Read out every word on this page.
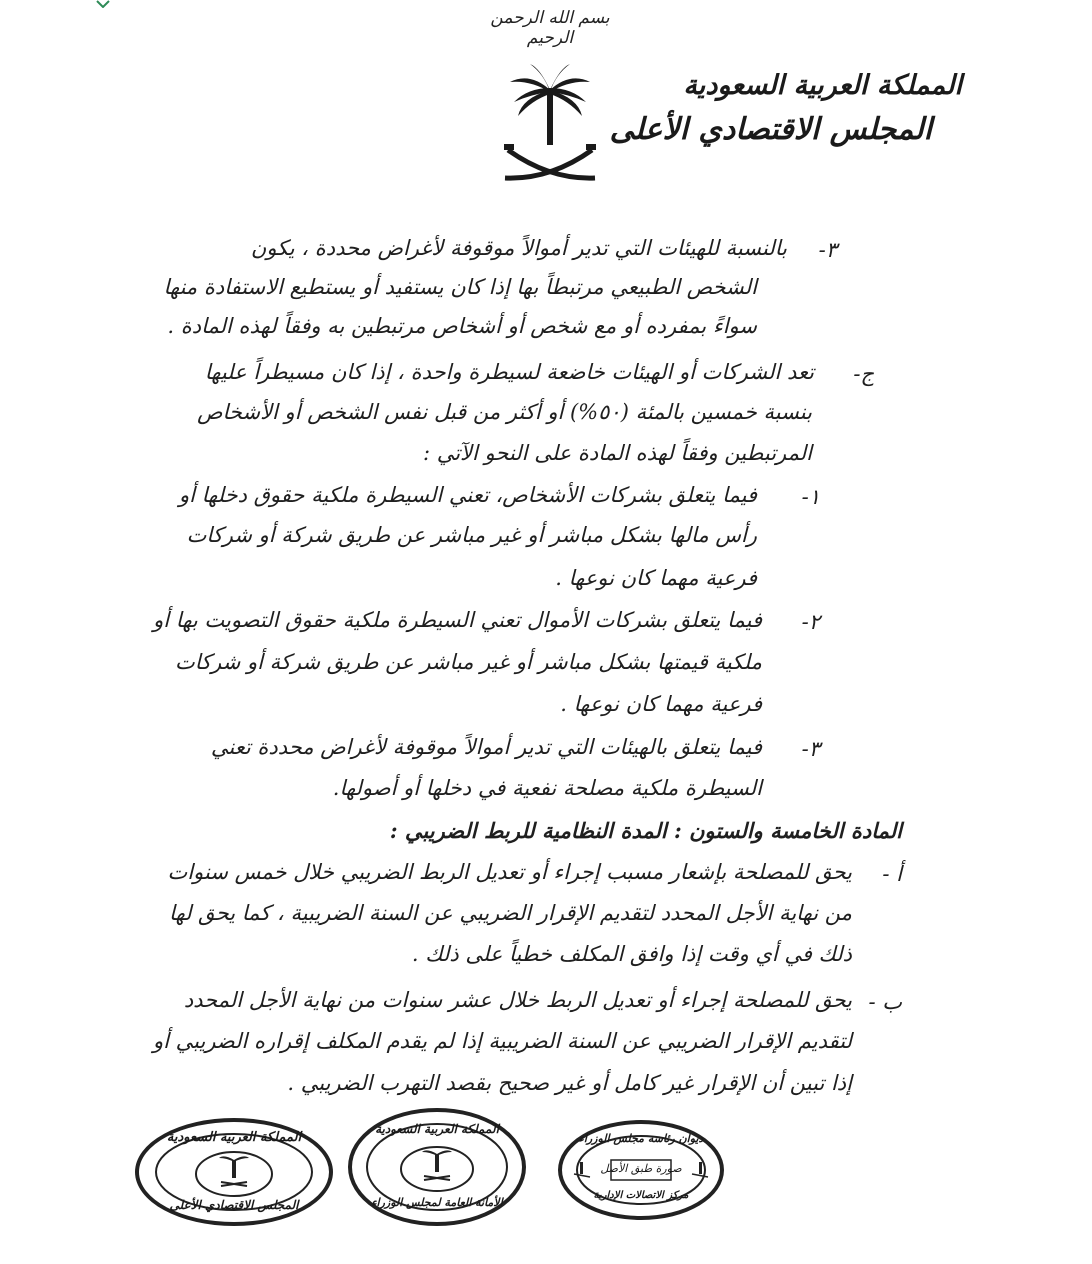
بسم الله الرحمن الرحيم
المملكة العربية السعودية
المجلس الاقتصادي الأعلى
٣-
بالنسبة للهيئات التي تدير أموالاً موقوفة لأغراض محددة ، يكون
الشخص الطبيعي مرتبطاً بها إذا كان يستفيد أو يستطيع الاستفادة منها
سواءً بمفرده أو مع شخص أو أشخاص مرتبطين به وفقاً لهذه المادة .
ج-
تعد الشركات أو الهيئات خاضعة لسيطرة واحدة ، إذا كان مسيطراً عليها
بنسبة خمسين بالمئة (٥٠%) أو أكثر من قبل نفس الشخص أو الأشخاص
المرتبطين وفقاً لهذه المادة على النحو الآتي :
١-
فيما يتعلق بشركات الأشخاص، تعني السيطرة ملكية حقوق دخلها أو
رأس مالها بشكل مباشر أو غير مباشر عن طريق شركة أو شركات
فرعية مهما كان نوعها .
٢-
فيما يتعلق بشركات الأموال تعني السيطرة ملكية حقوق التصويت بها أو
ملكية قيمتها بشكل مباشر أو غير مباشر عن طريق شركة أو شركات
فرعية مهما كان نوعها .
٣-
فيما يتعلق بالهيئات التي تدير أموالاً موقوفة لأغراض محددة تعني
السيطرة ملكية مصلحة نفعية في دخلها أو أصولها.
المادة الخامسة والستون : المدة النظامية للربط الضريبي :
أ -
يحق للمصلحة بإشعار مسبب إجراء أو تعديل الربط الضريبي خلال خمس سنوات
من نهاية الأجل المحدد لتقديم الإقرار الضريبي عن السنة الضريبية ، كما يحق لها
ذلك في أي وقت إذا وافق المكلف خطياً على ذلك .
ب -
يحق للمصلحة إجراء أو تعديل الربط خلال عشر سنوات من نهاية الأجل المحدد
لتقديم الإقرار الضريبي عن السنة الضريبية إذا لم يقدم المكلف إقراره الضريبي أو
إذا تبين أن الإقرار غير كامل أو غير صحيح بقصد التهرب الضريبي .
المملكة العربية السعودية
المجلس الاقتصادي الأعلى
المملكة العربية السعودية
الأمانة العامة لمجلس الوزراء
ديوان رئاسة مجلس الوزراء
صورة طبق الأصل
مركز الاتصالات الإدارية
